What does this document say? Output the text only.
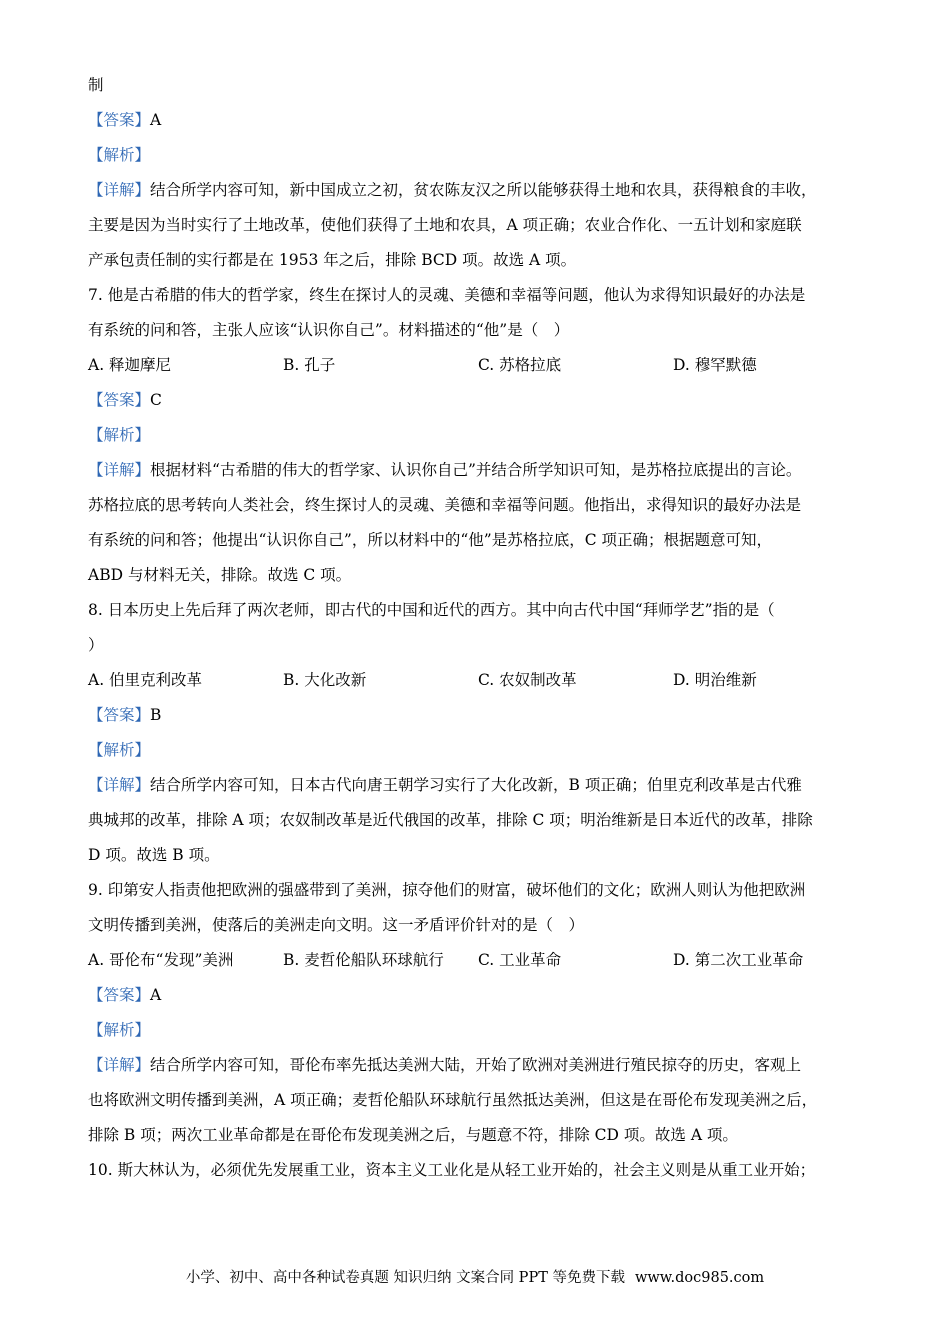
制
【答案】A
【解析】
【详解】结合所学内容可知，新中国成立之初，贫农陈友汉之所以能够获得土地和农具，获得粮食的丰收，
主要是因为当时实行了土地改革，使他们获得了土地和农具，A 项正确；农业合作化、一五计划和家庭联
产承包责任制的实行都是在 1953 年之后，排除 BCD 项。故选 A 项。
7. 他是古希腊的伟大的哲学家，终生在探讨人的灵魂、美德和幸福等问题，他认为求得知识最好的办法是
有系统的问和答，主张人应该“认识你自己”。材料描述的“他”是（　）
A. 释迦摩尼	B. 孔子	C. 苏格拉底	D. 穆罕默德
【答案】C
【解析】
【详解】根据材料“古希腊的伟大的哲学家、认识你自己”并结合所学知识可知，是苏格拉底提出的言论。
苏格拉底的思考转向人类社会，终生探讨人的灵魂、美德和幸福等问题。他指出，求得知识的最好办法是
有系统的问和答；他提出“认识你自己”，所以材料中的“他”是苏格拉底，C 项正确；根据题意可知，
ABD 与材料无关，排除。故选 C 项。
8. 日本历史上先后拜了两次老师，即古代的中国和近代的西方。其中向古代中国“拜师学艺”指的是（
）
A. 伯里克利改革	B. 大化改新	C. 农奴制改革	D. 明治维新
【答案】B
【解析】
【详解】结合所学内容可知，日本古代向唐王朝学习实行了大化改新，B 项正确；伯里克利改革是古代雅
典城邦的改革，排除 A 项；农奴制改革是近代俄国的改革，排除 C 项；明治维新是日本近代的改革，排除
D 项。故选 B 项。
9. 印第安人指责他把欧洲的强盛带到了美洲，掠夺他们的财富，破坏他们的文化；欧洲人则认为他把欧洲
文明传播到美洲，使落后的美洲走向文明。这一矛盾评价针对的是（　）
A. 哥伦布“发现”美洲	B. 麦哲伦船队环球航行	C. 工业革命	D. 第二次工业革命
【答案】A
【解析】
【详解】结合所学内容可知，哥伦布率先抵达美洲大陆，开始了欧洲对美洲进行殖民掠夺的历史，客观上
也将欧洲文明传播到美洲，A 项正确；麦哲伦船队环球航行虽然抵达美洲，但这是在哥伦布发现美洲之后，
排除 B 项；两次工业革命都是在哥伦布发现美洲之后，与题意不符，排除 CD 项。故选 A 项。
10. 斯大林认为，必须优先发展重工业，资本主义工业化是从轻工业开始的，社会主义则是从重工业开始；
小学、初中、高中各种试卷真题 知识归纳 文案合同 PPT 等免费下载 www.doc985.com
